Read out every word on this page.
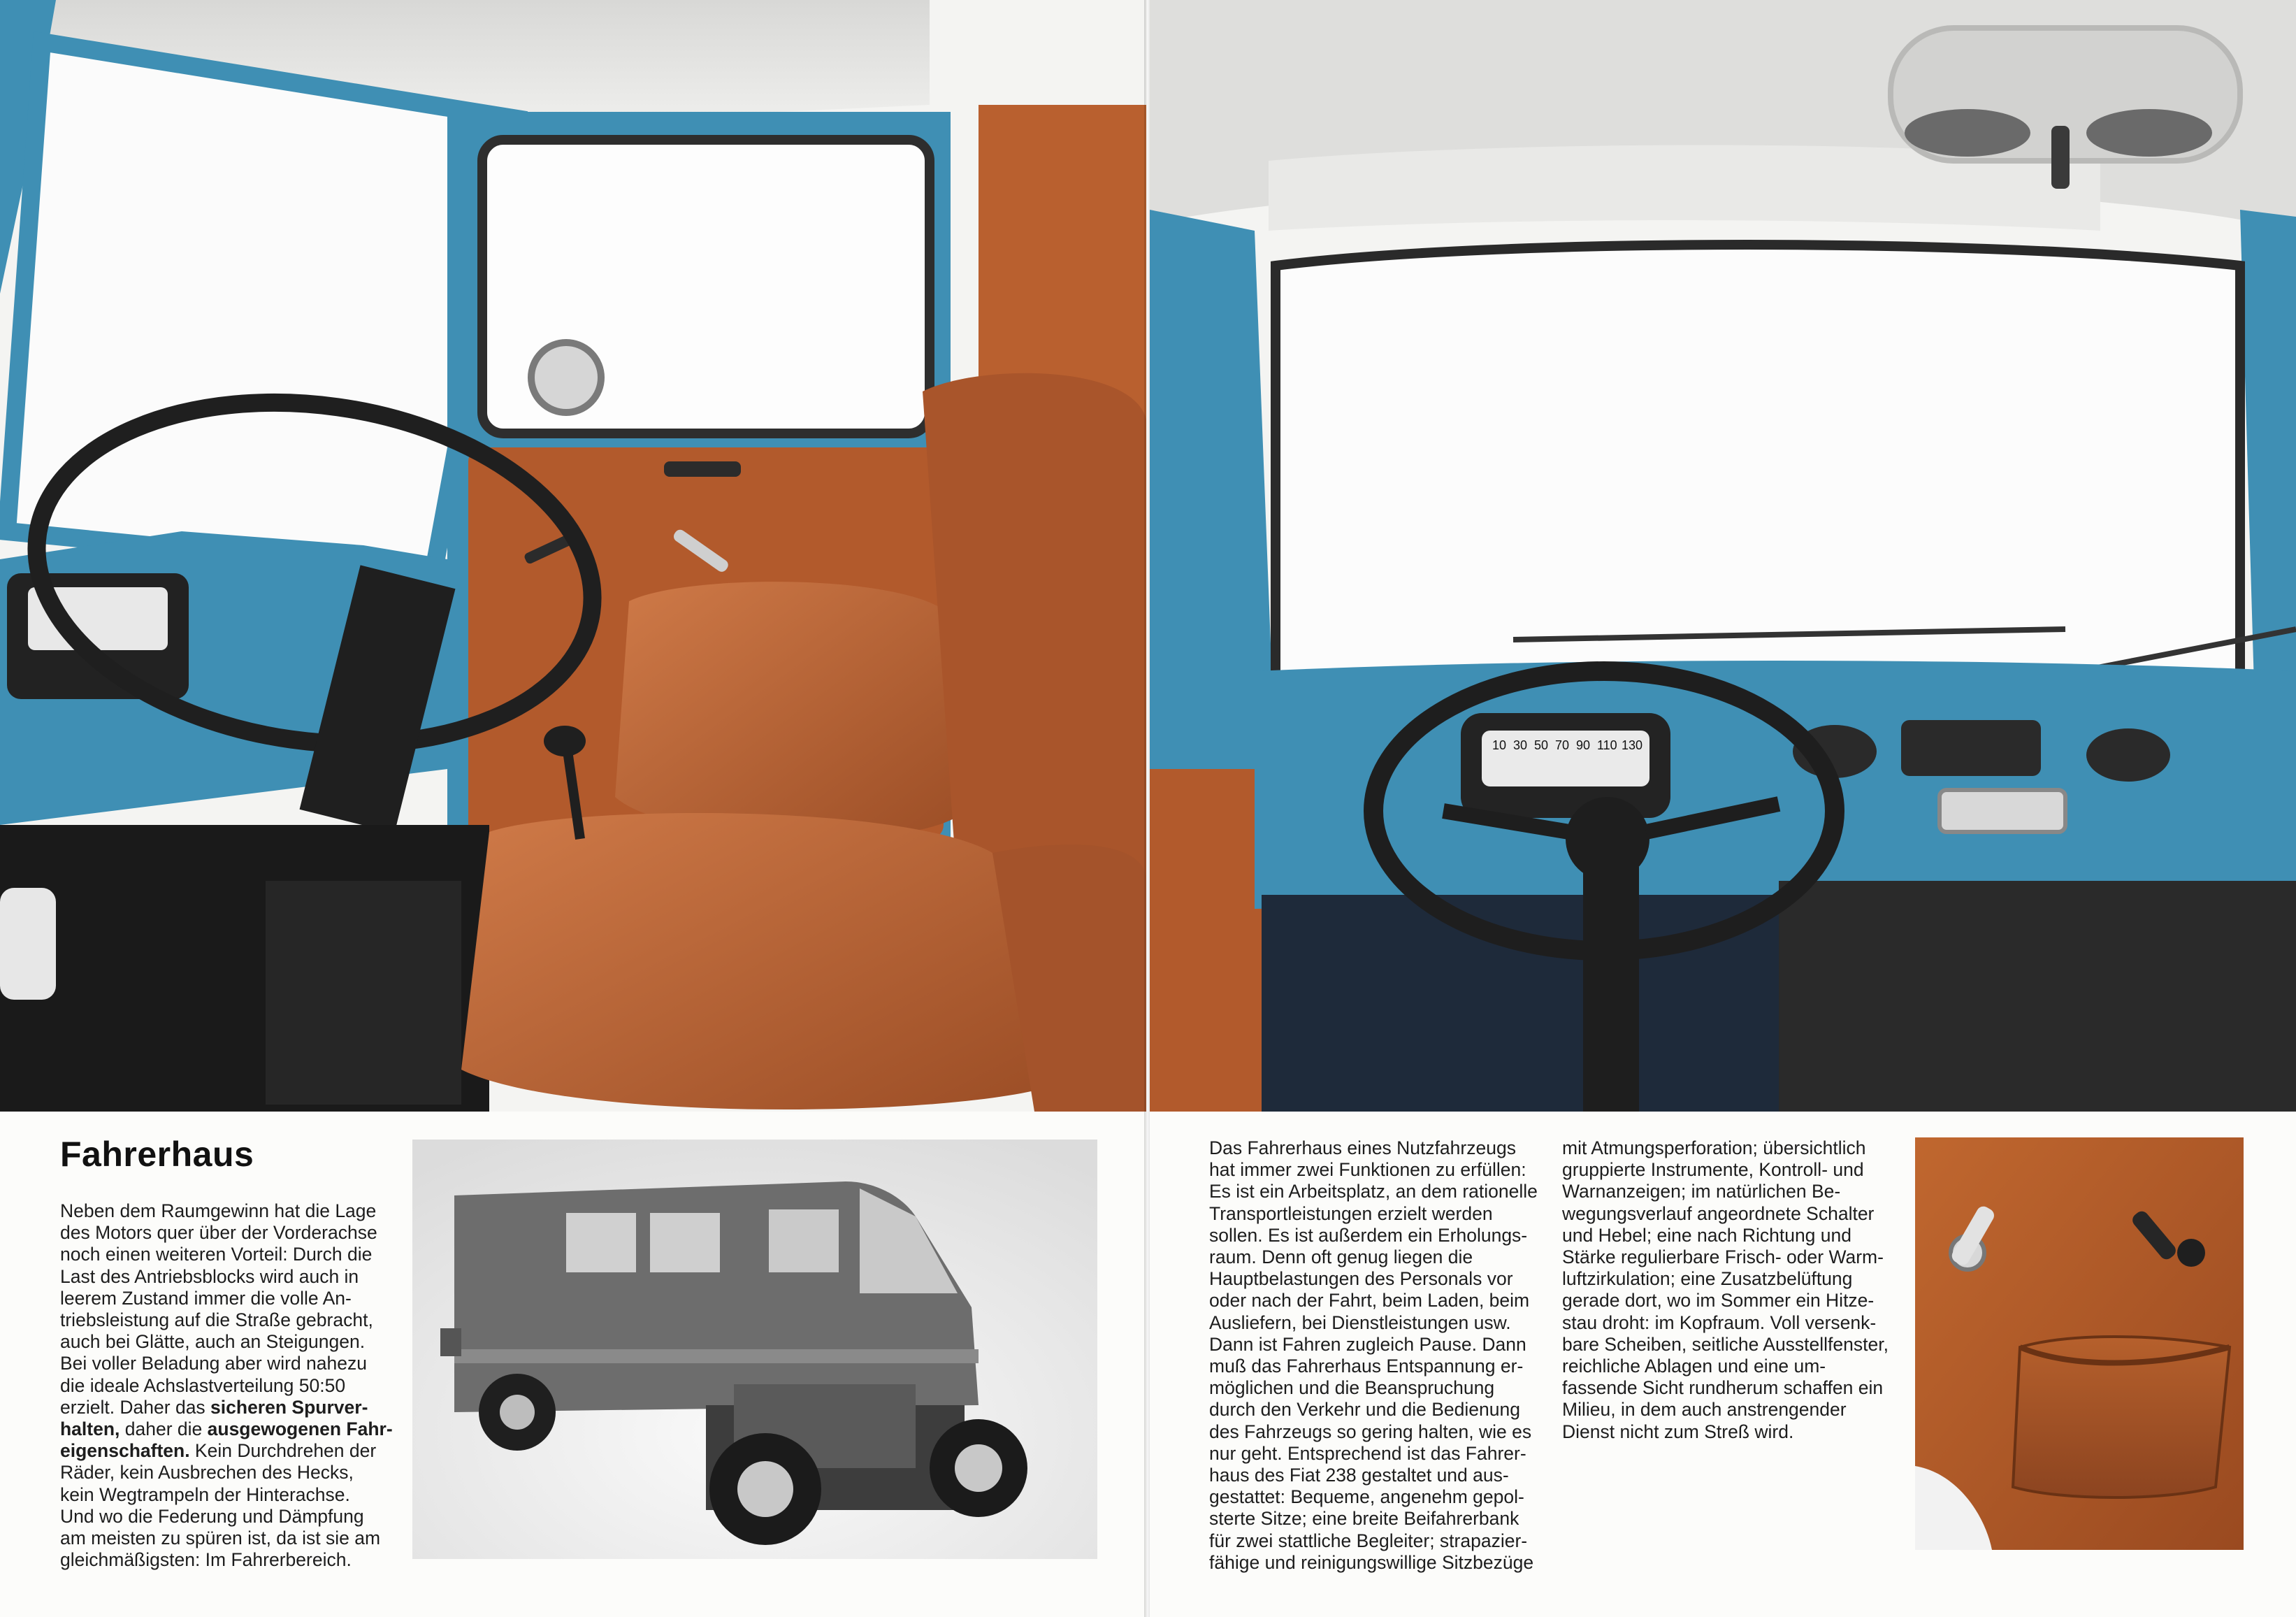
Fahrerhaus
Neben dem Raumgewinn hat die Lage
des Motors quer über der Vorderachse
noch einen weiteren Vorteil: Durch die
Last des Antriebsblocks wird auch in
leerem Zustand immer die volle An-
triebsleistung auf die Straße gebracht,
auch bei Glätte, auch an Steigungen.
Bei voller Beladung aber wird nahezu
die ideale Achslastverteilung 50:50
erzielt. Daher das sicheren Spurver-
halten, daher die ausgewogenen Fahr-
eigenschaften. Kein Durchdrehen der
Räder, kein Ausbrechen des Hecks,
kein Wegtrampeln der Hinterachse.
Und wo die Federung und Dämpfung
am meisten zu spüren ist, da ist sie am
gleichmäßigsten: Im Fahrerbereich.
10 30 50 70 90 110 130
Das Fahrerhaus eines Nutzfahrzeugs
hat immer zwei Funktionen zu erfüllen:
Es ist ein Arbeitsplatz, an dem rationelle
Transportleistungen erzielt werden
sollen. Es ist außerdem ein Erholungs-
raum. Denn oft genug liegen die
Hauptbelastungen des Personals vor
oder nach der Fahrt, beim Laden, beim
Ausliefern, bei Dienstleistungen usw.
Dann ist Fahren zugleich Pause. Dann
muß das Fahrerhaus Entspannung er-
möglichen und die Beanspruchung
durch den Verkehr und die Bedienung
des Fahrzeugs so gering halten, wie es
nur geht. Entsprechend ist das Fahrer-
haus des Fiat 238 gestaltet und aus-
gestattet: Bequeme, angenehm gepol-
sterte Sitze; eine breite Beifahrerbank
für zwei stattliche Begleiter; strapazier-
fähige und reinigungswillige Sitzbezüge
mit Atmungsperforation; übersichtlich
gruppierte Instrumente, Kontroll- und
Warnanzeigen; im natürlichen Be-
wegungsverlauf angeordnete Schalter
und Hebel; eine nach Richtung und
Stärke regulierbare Frisch- oder Warm-
luftzirkulation; eine Zusatzbelüftung
gerade dort, wo im Sommer ein Hitze-
stau droht: im Kopfraum. Voll versenk-
bare Scheiben, seitliche Ausstellfenster,
reichliche Ablagen und eine um-
fassende Sicht rundherum schaffen ein
Milieu, in dem auch anstrengender
Dienst nicht zum Streß wird.
